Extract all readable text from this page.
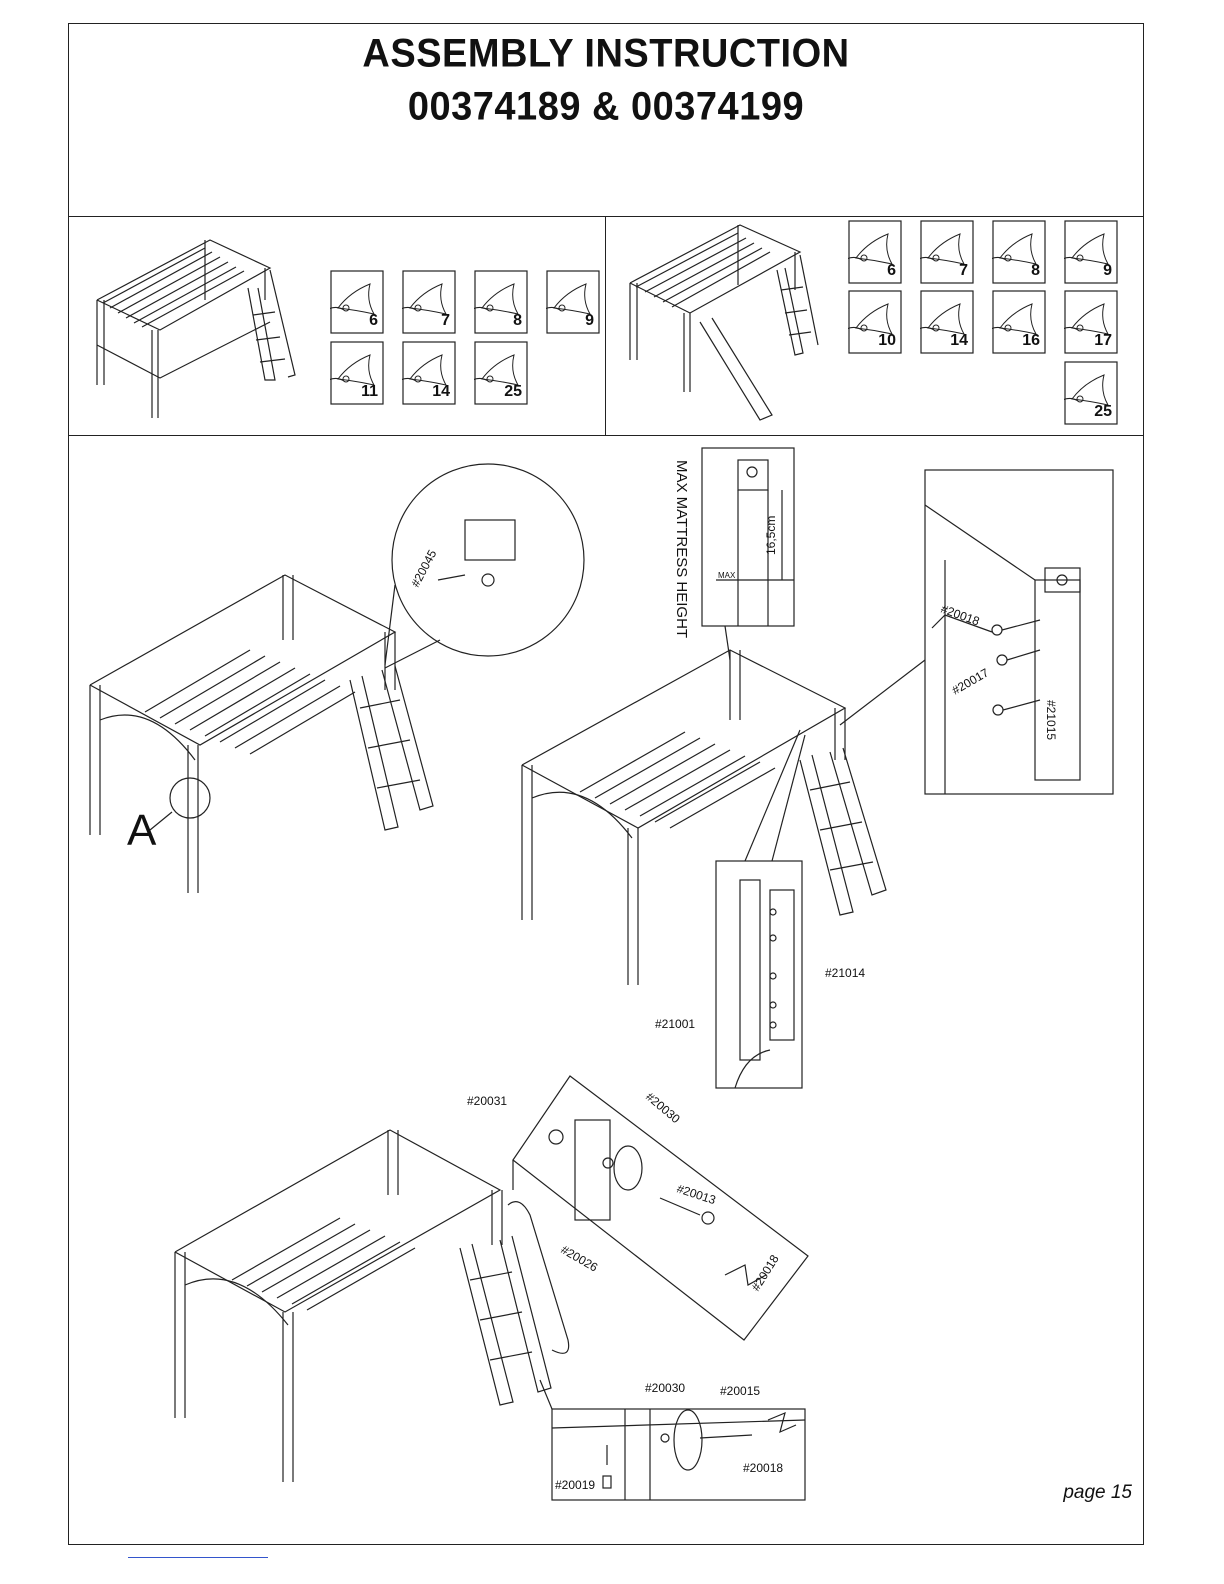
ASSEMBLY INSTRUCTION
00374189 & 00374199
A
#20045	MAX MATTRESS HEIGHT	16,5cm
MAX
#20018
#20017
#21015
#21014
#21001
#20031	#20030
#20013
#20026	#20018
#20030	#20015
#20019
#20018
6	7	8	9
11	14	25
6	7	8	9
10	14	16	17
25
page 15
